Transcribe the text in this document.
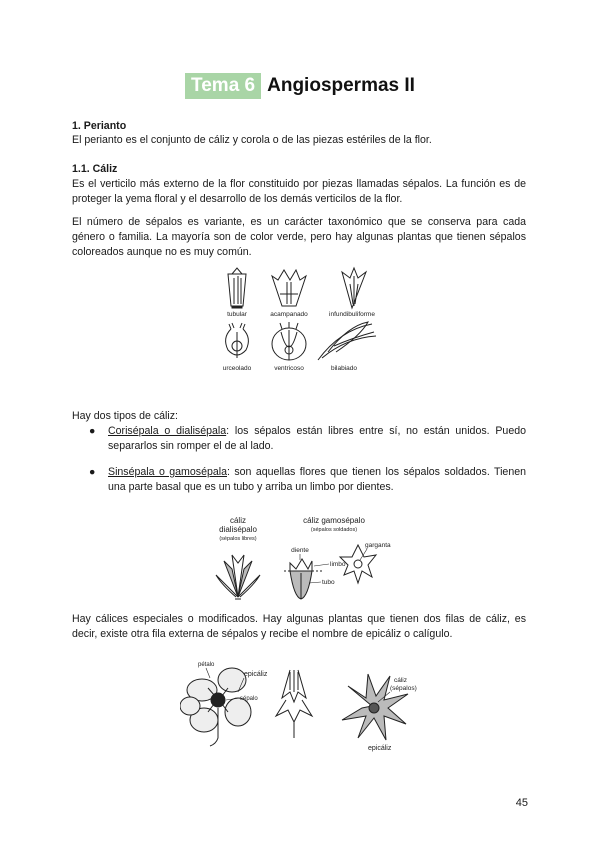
Tema 6 Angiospermas II
1. Perianto
El perianto es el conjunto de cáliz y corola o de las piezas estériles de la flor.
1.1. Cáliz
Es el verticilo más externo de la flor constituido por piezas llamadas sépalos. La función es de proteger la yema floral y el desarrollo de los demás verticilos de la flor.
El número de sépalos es variante, es un carácter taxonómico que se conserva para cada género o familia. La mayoría son de color verde, pero hay algunas plantas que tienen sépalos coloreados aunque no es muy común.
tubular	acampanado	infundibuliforme
urceolado	ventricoso	bilabiado
Hay dos tipos de cáliz:
● Corisépala o dialisépala: los sépalos están libres entre sí, no están unidos. Puedo separarlos sin romper el de al lado.
● Sinsépala o gamosépala: son aquellas flores que tienen los sépalos soldados. Tienen una parte basal que es un tubo y arriba un limbo por dientes.
cáliz
dialisépalo
(sépalos libres)
cáliz gamosépalo
(sépalos soldados)
diente
limbo
garganta
tubo
Hay cálices especiales o modificados. Hay algunas plantas que tienen dos filas de cáliz, es decir, existe otra fila externa de sépalos y recibe el nombre de epicáliz o calígulo.
pétalo
epicáliz
sépalo
cáliz
(sépalos)
epicáliz
45
